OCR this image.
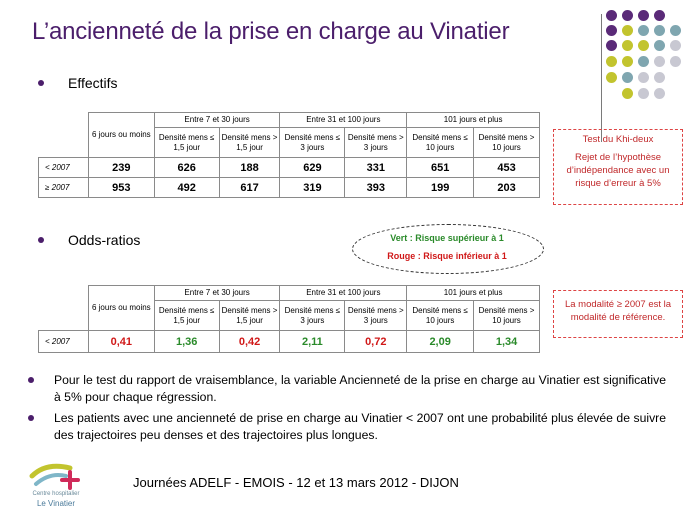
L’ancienneté de la prise en charge au Vinatier
Effectifs
	6 jours ou moins	Entre 7 et 30 jours		Entre 31 et 100 jours		101 jours et plus	
		Densité mens ≤ 1,5 jour	Densité mens > 1,5 jour	Densité mens ≤ 3 jours	Densité mens > 3 jours	Densité mens ≤ 10 jours	Densité mens > 10 jours
< 2007	239	626	188	629	331	651	453
≥ 2007	953	492	617	319	393	199	203
Test du Khi-deux
Rejet de l’hypothèse d’indépendance avec un risque d’erreur à 5%
Odds-ratios	Vert : Risque supérieur à 1
Rouge : Risque inférieur à 1
	6 jours ou moins	Entre 7 et 30 jours		Entre 31 et 100 jours		101 jours et plus	
		Densité mens ≤ 1,5 jour	Densité mens > 1,5 jour	Densité mens ≤ 3 jours	Densité mens > 3 jours	Densité mens ≤ 10 jours	Densité mens > 10 jours
< 2007	0,41	1,36	0,42	2,11	0,72	2,09	1,34
La modalité ≥ 2007 est la modalité de référence.
Pour le test du rapport de vraisemblance, la variable Ancienneté de la prise en charge au Vinatier est significative à 5% pour chaque régression.
Les patients avec une ancienneté de prise en charge au Vinatier < 2007 ont une probabilité plus élevée de suivre des trajectoires peu denses et des trajectoires plus longues.
Centre hospitalier
Le Vinatier
Journées ADELF - EMOIS - 12 et 13 mars 2012 - DIJON
